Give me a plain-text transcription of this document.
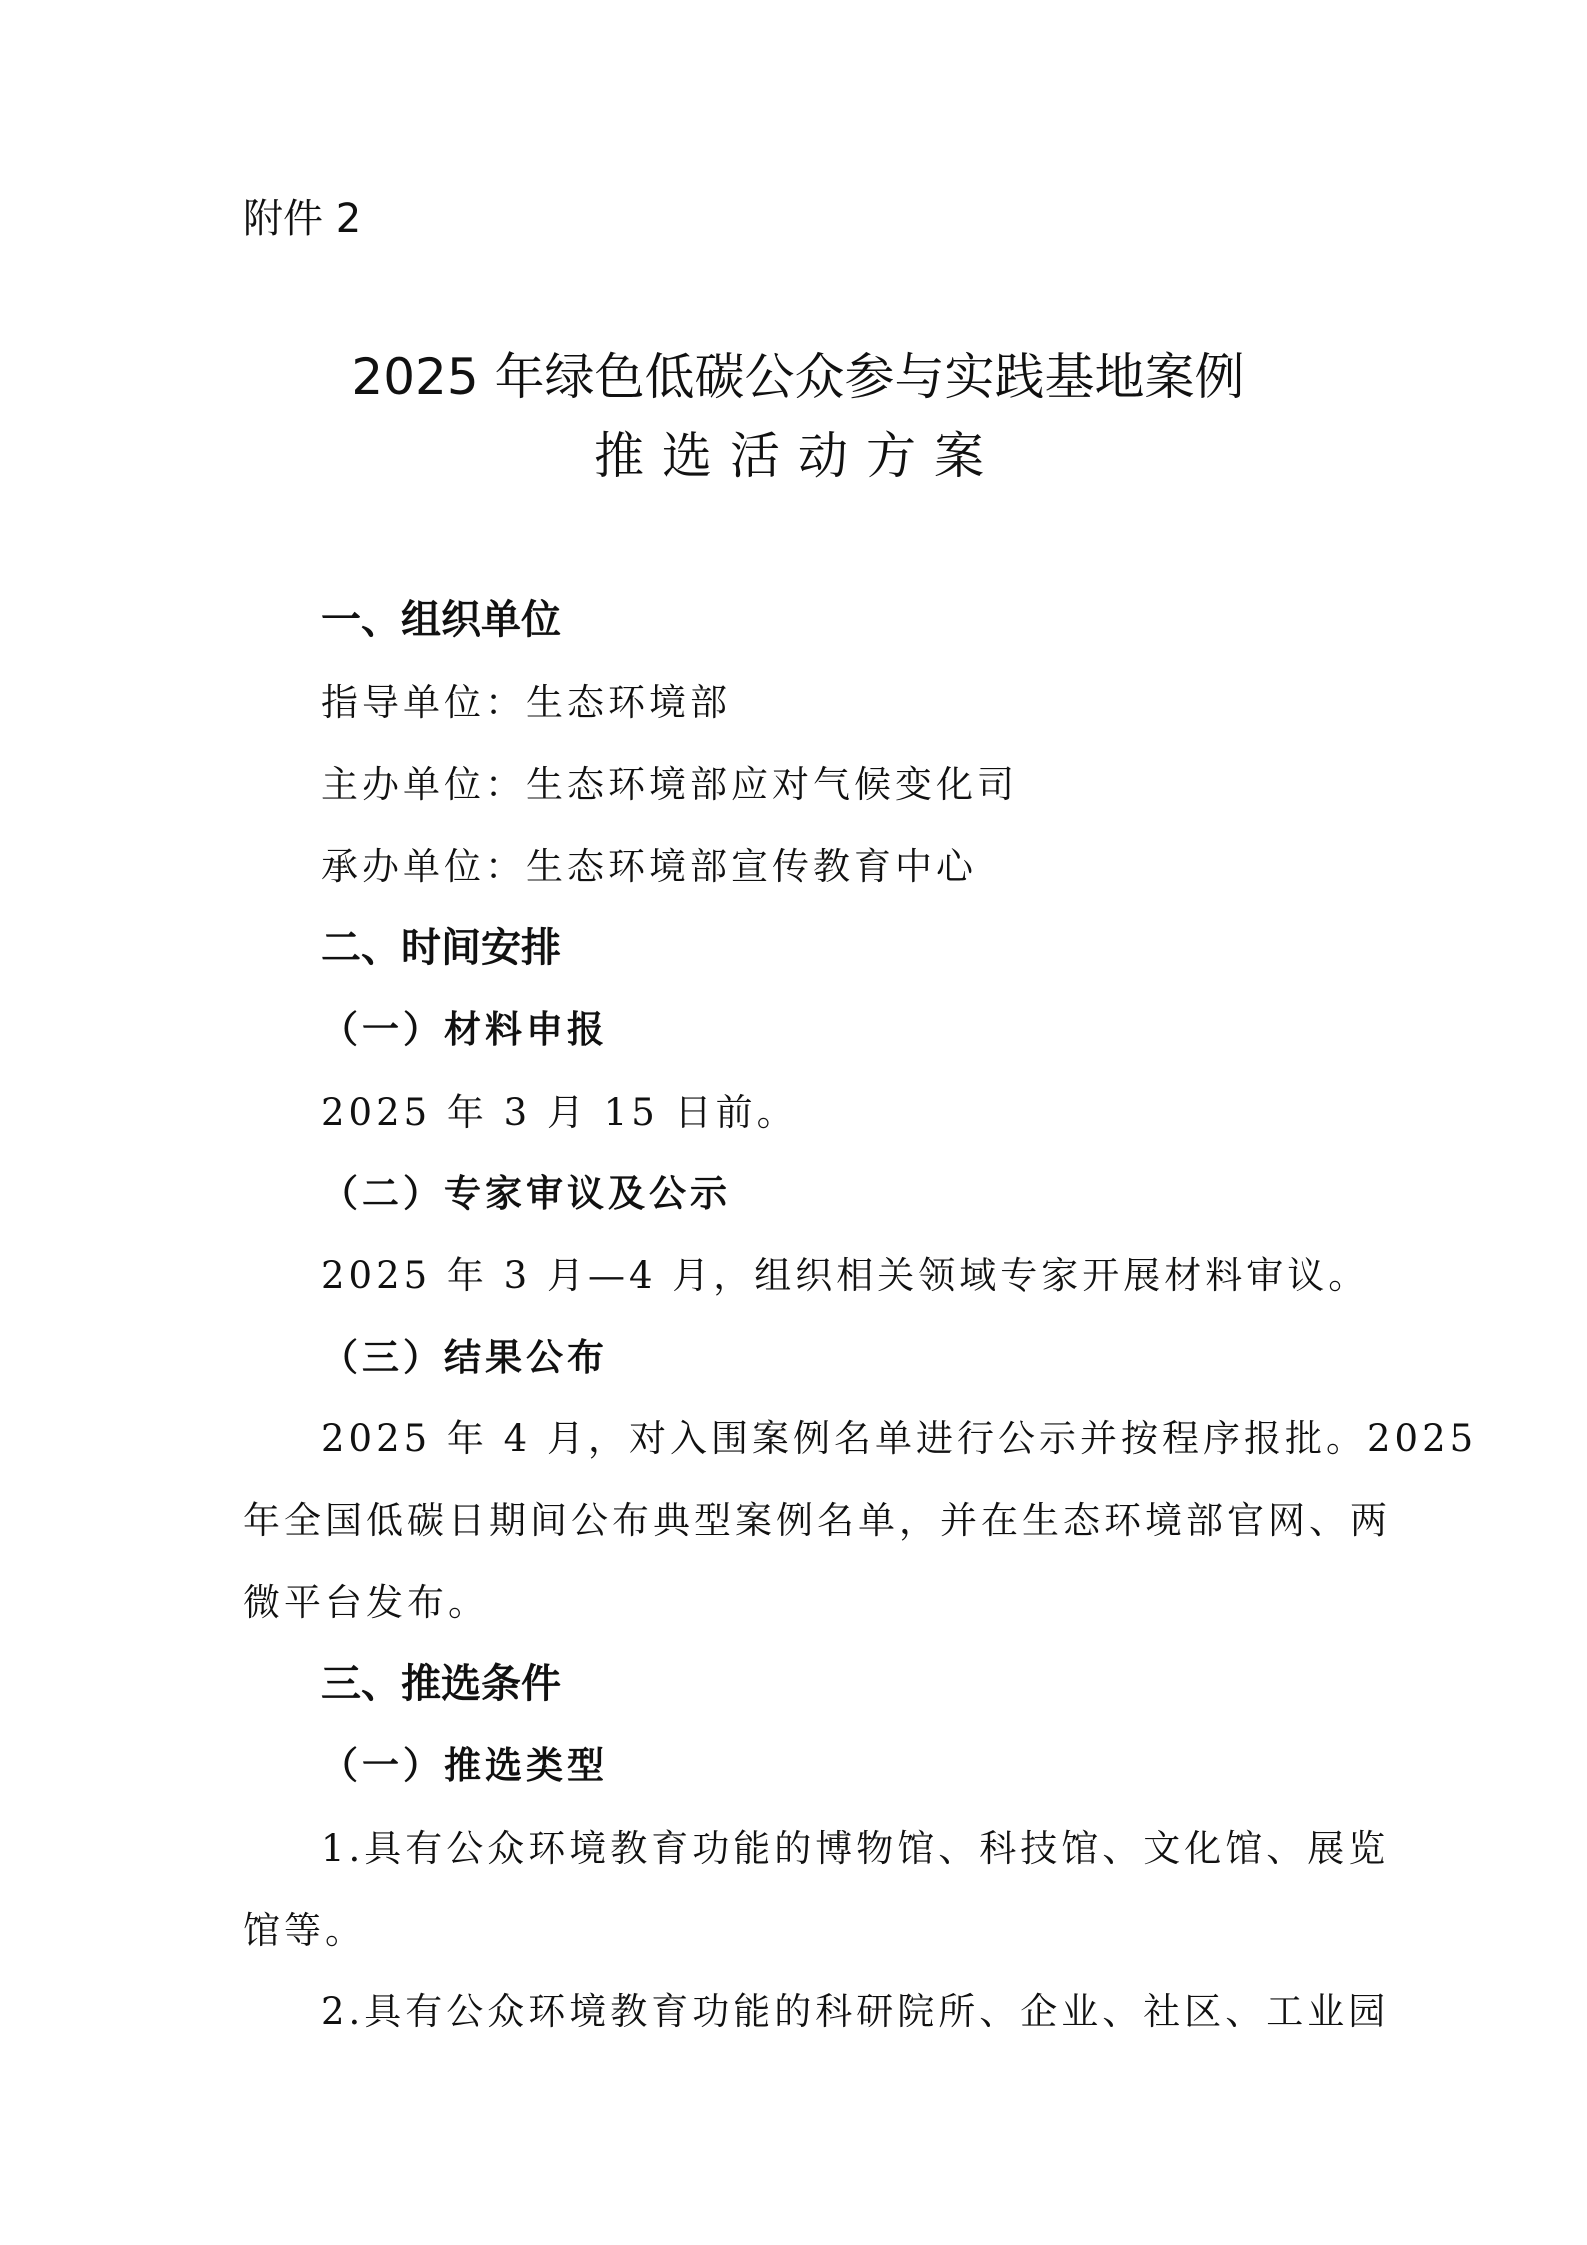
附件 2
2025 年绿色低碳公众参与实践基地案例
推选活动方案
一、组织单位
指导单位：生态环境部
主办单位：生态环境部应对气候变化司
承办单位：生态环境部宣传教育中心
二、时间安排
（一）材料申报
2025 年 3 月 15 日前。
（二）专家审议及公示
2025 年 3 月—4 月，组织相关领域专家开展材料审议。
（三）结果公布
2025 年 4 月，对入围案例名单进行公示并按程序报批。2025
年全国低碳日期间公布典型案例名单，并在生态环境部官网、两
微平台发布。
三、推选条件
（一）推选类型
1.具有公众环境教育功能的博物馆、科技馆、文化馆、展览
馆等。
2.具有公众环境教育功能的科研院所、企业、社区、工业园
